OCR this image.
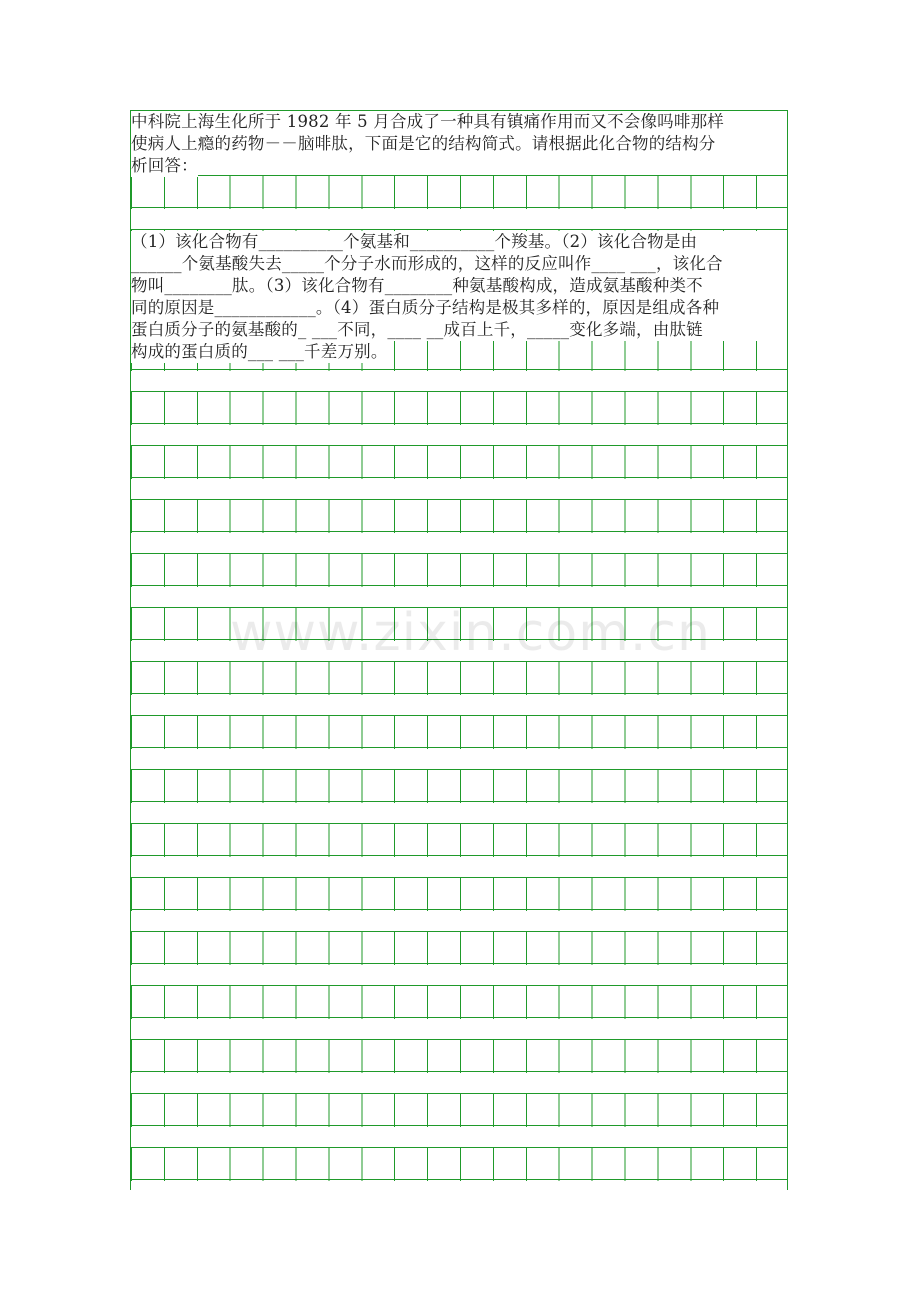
中科院上海生化所于 1982 年 5 月合成了一种具有镇痛作用而又不会像吗啡那样
使病人上瘾的药物－－脑啡肽，下面是它的结构简式。请根据此化合物的结构分
析回答：
（1）该化合物有__________个氨基和__________个羧基。（2）该化合物是由
______个氨基酸失去_____个分子水而形成的，这样的反应叫作____ ___，该化合
物叫________肽。（3）该化合物有________种氨基酸构成，造成氨基酸种类不
同的原因是____________。（4）蛋白质分子结构是极其多样的，原因是组成各种
蛋白质分子的氨基酸的_ ___不同，____ __成百上千，_____变化多端，由肽链
构成的蛋白质的___ ___千差万别。
